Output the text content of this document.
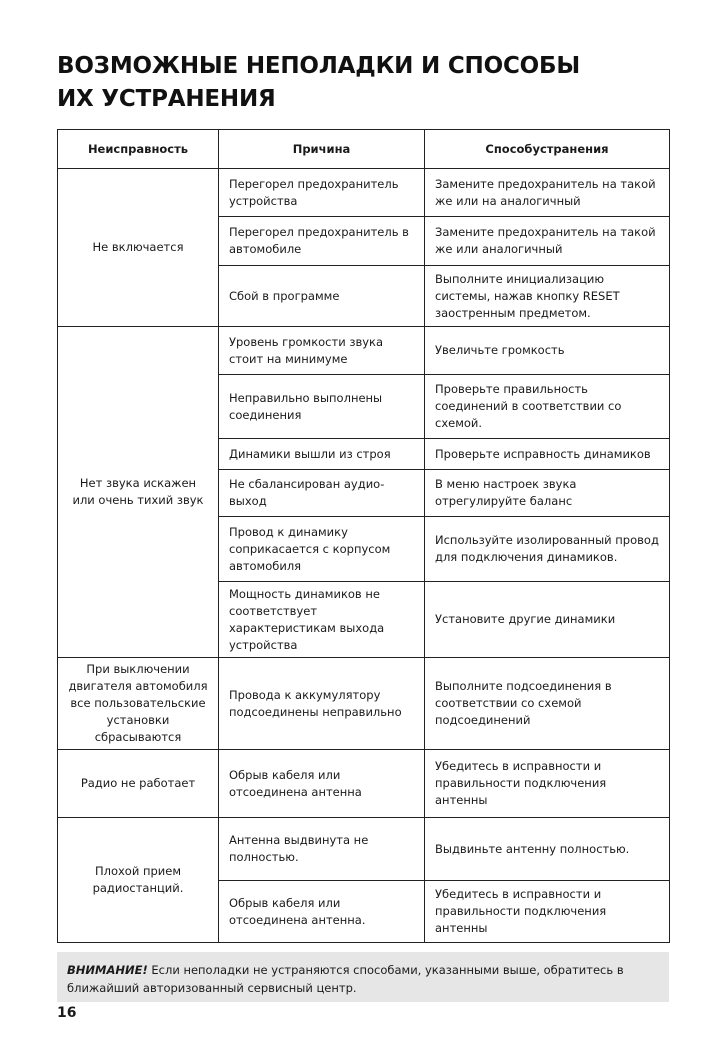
ВОЗМОЖНЫЕ НЕПОЛАДКИ И СПОСОБЫ
ИХ УСТРАНЕНИЯ
Неисправность	Причина	Способустранения
Не включается	Перегорел предохранитель устройства	Замените предохранитель на такой же или на аналогичный
	Перегорел предохранитель в автомобиле	Замените предохранитель на такой же или аналогичный
	Сбой в программе	Выполните инициализацию системы, нажав кнопку RESET заостренным предметом.
Нет звука искажен или очень тихий звук	Уровень громкости звука стоит на минимуме	Увеличьте громкость
	Неправильно выполнены соединения	Проверьте правильность соединений в соответствии со схемой.
	Динамики вышли из строя	Проверьте исправность динамиков
	Не сбалансирован аудио-выход	В меню настроек звука отрегулируйте баланс
	Провод к динамику соприкасается с корпусом автомобиля	Используйте изолированный провод для подключения динамиков.
	Мощность динамиков не соответствует характеристикам выхода устройства	Установите другие динамики
При выключении двигателя автомобиля все пользовательские установки сбрасываются	Провода к аккумулятору подсоединены неправильно	Выполните подсоединения в соответствии со схемой подсоединений
Радио не работает	Обрыв кабеля или отсоединена антенна	Убедитесь в исправности и правильности подключения антенны
Плохой прием радиостанций.	Антенна выдвинута не полностью.	Выдвиньте антенну полностью.
	Обрыв кабеля или отсоединена антенна.	Убедитесь в исправности и правильности подключения антенны
ВНИМАНИЕ! Если неполадки не устраняются способами, указанными выше, обратитесь в ближайший авторизованный сервисный центр.
16
